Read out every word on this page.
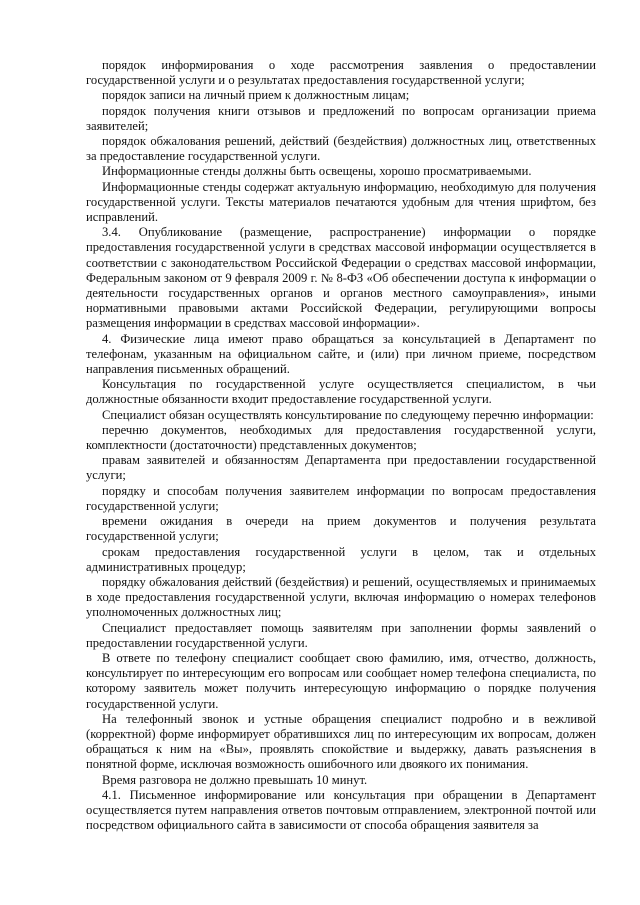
порядок информирования о ходе рассмотрения заявления о предоставлении государственной услуги и о результатах предоставления государственной услуги;

порядок записи на личный прием к должностным лицам;

порядок получения книги отзывов и предложений по вопросам организации приема заявителей;

порядок обжалования решений, действий (бездействия) должностных лиц, ответственных за предоставление государственной услуги.

Информационные стенды должны быть освещены, хорошо просматриваемыми.

Информационные стенды содержат актуальную информацию, необходимую для получения государственной услуги. Тексты материалов печатаются удобным для чтения шрифтом, без исправлений.

3.4. Опубликование (размещение, распространение) информации о порядке предоставления государственной услуги в средствах массовой информации осуществляется в соответствии с законодательством Российской Федерации о средствах массовой информации, Федеральным законом от 9 февраля 2009 г. № 8-ФЗ «Об обеспечении доступа к информации о деятельности государственных органов и органов местного самоуправления», иными нормативными правовыми актами Российской Федерации, регулирующими вопросы размещения информации в средствах массовой информации».

4. Физические лица имеют право обращаться за консультацией в Департамент по телефонам, указанным на официальном сайте, и (или) при личном приеме, посредством направления письменных обращений.

Консультация по государственной услуге осуществляется специалистом, в чьи должностные обязанности входит предоставление государственной услуги.

Специалист обязан осуществлять консультирование по следующему перечню информации:

перечню документов, необходимых для предоставления государственной услуги, комплектности (достаточности) представленных документов;

правам заявителей и обязанностям Департамента при предоставлении государственной услуги;

порядку и способам получения заявителем информации по вопросам предоставления государственной услуги;

времени ожидания в очереди на прием документов и получения результата государственной услуги;

срокам предоставления государственной услуги в целом, так и отдельных административных процедур;

порядку обжалования действий (бездействия) и решений, осуществляемых и принимаемых в ходе предоставления государственной услуги, включая информацию о номерах телефонов уполномоченных должностных лиц;

Специалист предоставляет помощь заявителям при заполнении формы заявлений о предоставлении государственной услуги.

В ответе по телефону специалист сообщает свою фамилию, имя, отчество, должность, консультирует по интересующим его вопросам или сообщает номер телефона специалиста, по которому заявитель может получить интересующую информацию о порядке получения государственной услуги.

На телефонный звонок и устные обращения специалист подробно и в вежливой (корректной) форме информирует обратившихся лиц по интересующим их вопросам, должен обращаться к ним на «Вы», проявлять спокойствие и выдержку, давать разъяснения в понятной форме, исключая возможность ошибочного или двоякого их понимания.

Время разговора не должно превышать 10 минут.

4.1. Письменное информирование или консультация при обращении в Департамент осуществляется путем направления ответов почтовым отправлением, электронной почтой или посредством официального сайта в зависимости от способа обращения заявителя за
